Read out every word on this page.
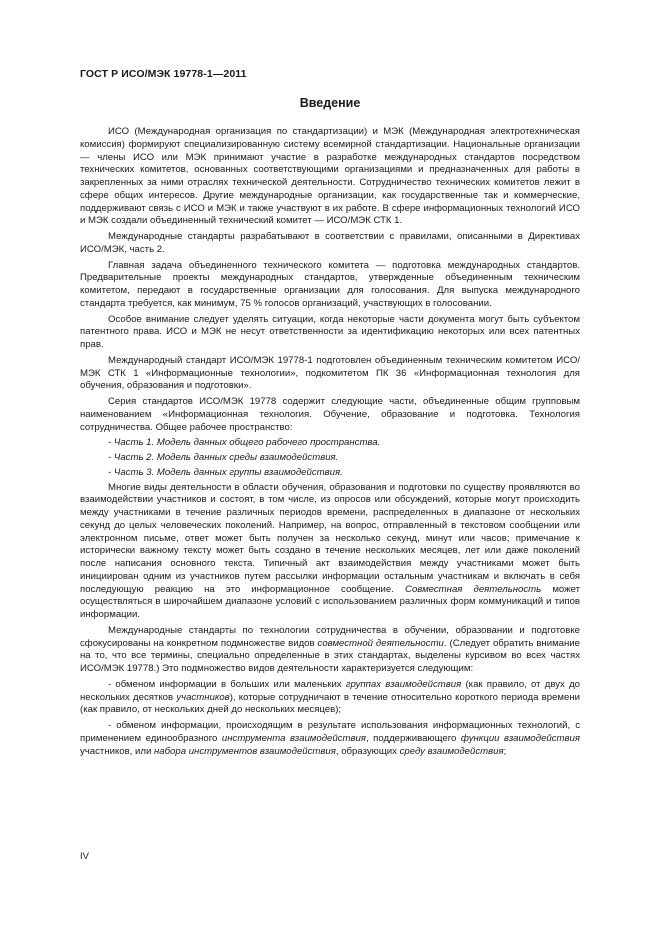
ГОСТ Р ИСО/МЭК 19778-1—2011
Введение

ИСО (Международная организация по стандартизации) и МЭК (Международная электротехническая комиссия) формируют специализированную систему всемирной стандартизации. Национальные организации — члены ИСО или МЭК принимают участие в разработке международных стандартов посредством технических комитетов, основанных соответствующими организациями и предназначенных для работы в закрепленных за ними отраслях технической деятельности. Сотрудничество технических комитетов лежит в сфере общих интересов. Другие международные организации, как государственные так и коммерческие, поддерживают связь с ИСО и МЭК и также участвуют в их работе. В сфере информационных технологий ИСО и МЭК создали объединенный технический комитет — ИСО/МЭК СТК 1.

Международные стандарты разрабатывают в соответствии с правилами, описанными в Директивах ИСО/МЭК, часть 2.

Главная задача объединенного технического комитета — подготовка международных стандартов. Предварительные проекты международных стандартов, утвержденные объединенным техническим комитетом, передают в государственные организации для голосования. Для выпуска международного стандарта требуется, как минимум, 75 % голосов организаций, участвующих в голосовании.

Особое внимание следует уделять ситуации, когда некоторые части документа могут быть субъектом патентного права. ИСО и МЭК не несут ответственности за идентификацию некоторых или всех патентных прав.

Международный стандарт ИСО/МЭК 19778-1 подготовлен объединенным техническим комитетом ИСО/МЭК СТК 1 «Информационные технологии», подкомитетом ПК 36 «Информационная технология для обучения, образования и подготовки».

Серия стандартов ИСО/МЭК 19778 содержит следующие части, объединенные общим групповым наименованием «Информационная технология. Обучение, образование и подготовка. Технология сотрудничества. Общее рабочее пространство:

- Часть 1. Модель данных общего рабочего пространства.

- Часть 2. Модель данных среды взаимодействия.

- Часть 3. Модель данных группы взаимодействия.

Многие виды деятельности в области обучения, образования и подготовки по существу проявляются во взаимодействии участников и состоят, в том числе, из опросов или обсуждений, которые могут происходить между участниками в течение различных периодов времени, распределенных в диапазоне от нескольких секунд до целых человеческих поколений. Например, на вопрос, отправленный в текстовом сообщении или электронном письме, ответ может быть получен за несколько секунд, минут или часов; примечание к исторически важному тексту может быть создано в течение нескольких месяцев, лет или даже поколений после написания основного текста. Типичный акт взаимодействия между участниками может быть инициирован одним из участников путем рассылки информации остальным участникам и включать в себя последующую реакцию на это информационное сообщение. Совместная деятельность может осуществляться в широчайшем диапазоне условий с использованием различных форм коммуникаций и типов информации.

Международные стандарты по технологии сотрудничества в обучении, образовании и подготовке сфокусированы на конкретном подмножестве видов совместной деятельности. (Следует обратить внимание на то, что все термины, специально определенные в этих стандартах, выделены курсивом во всех частях ИСО/МЭК 19778.) Это подмножество видов деятельности характеризуется следующим:

- обменом информации в больших или маленьких группах взаимодействия (как правило, от двух до нескольких десятков участников), которые сотрудничают в течение относительно короткого периода времени (как правило, от нескольких дней до нескольких месяцев);

- обменом информации, происходящим в результате использования информационных технологий, с применением единообразного инструмента взаимодействия, поддерживающего функции взаимодействия участников, или набора инструментов взаимодействия, образующих среду взаимодействия;

IV
